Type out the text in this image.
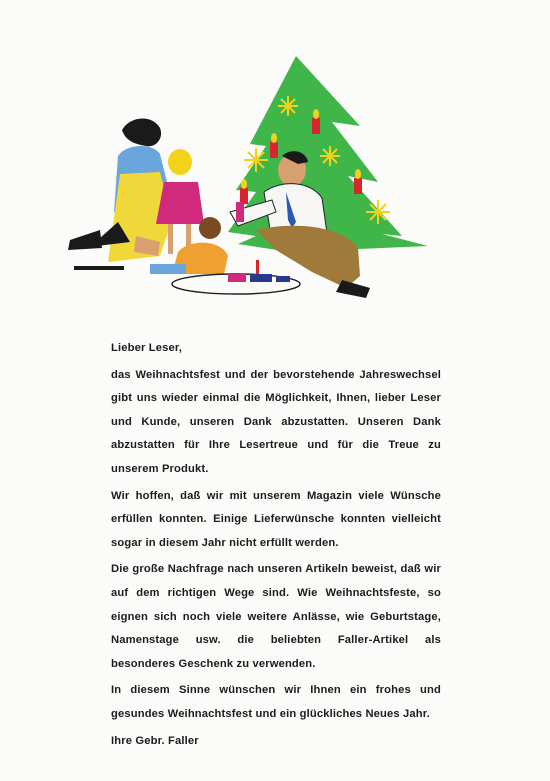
Lieber Leser,

das Weihnachtsfest und der bevorstehende Jahreswechsel gibt uns wieder einmal die Möglichkeit, Ihnen, lieber Leser und Kunde, unseren Dank abzustatten. Unseren Dank abzustatten für Ihre Lesertreue und für die Treue zu unserem Produkt.

Wir hoffen, daß wir mit unserem Magazin viele Wünsche erfüllen konnten. Einige Lieferwünsche konnten vielleicht sogar in diesem Jahr nicht erfüllt werden.

Die große Nachfrage nach unseren Artikeln beweist, daß wir auf dem richtigen Wege sind. Wie Weihnachtsfeste, so eignen sich noch viele weitere Anlässe, wie Geburtstage, Namenstage usw. die beliebten Faller-Artikel als besonderes Geschenk zu verwenden.

In diesem Sinne wünschen wir Ihnen ein frohes und gesundes Weihnachtsfest und ein glückliches Neues Jahr.

Ihre Gebr. Faller
